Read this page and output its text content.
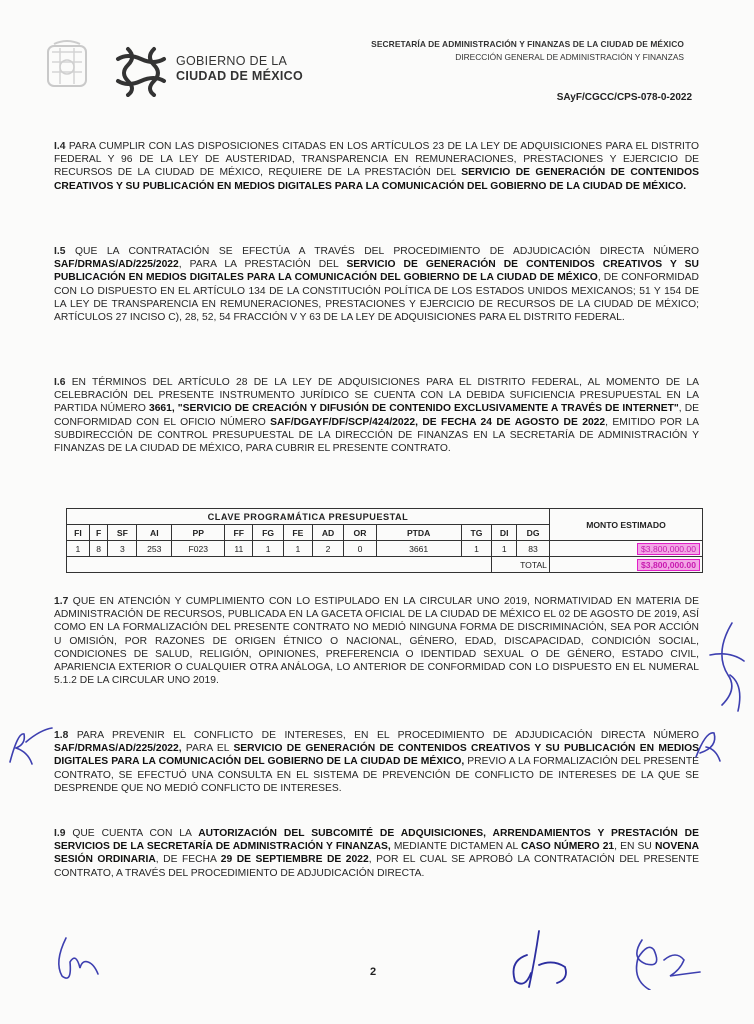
GOBIERNO DE LA
CIUDAD DE MÉXICO
SECRETARÍA DE ADMINISTRACIÓN Y FINANZAS DE LA CIUDAD DE MÉXICO
DIRECCIÓN GENERAL DE ADMINISTRACIÓN Y FINANZAS
SAyF/CGCC/CPS-078-0-2022
I.4 PARA CUMPLIR CON LAS DISPOSICIONES CITADAS EN LOS ARTÍCULOS 23 DE LA LEY DE ADQUISICIONES PARA EL DISTRITO FEDERAL Y 96 DE LA LEY DE AUSTERIDAD, TRANSPARENCIA EN REMUNERACIONES, PRESTACIONES Y EJERCICIO DE RECURSOS DE LA CIUDAD DE MÉXICO, REQUIERE DE LA PRESTACIÓN DEL SERVICIO DE GENERACIÓN DE CONTENIDOS CREATIVOS Y SU PUBLICACIÓN EN MEDIOS DIGITALES PARA LA COMUNICACIÓN DEL GOBIERNO DE LA CIUDAD DE MÉXICO.
I.5 QUE LA CONTRATACIÓN SE EFECTÚA A TRAVÉS DEL PROCEDIMIENTO DE ADJUDICACIÓN DIRECTA NÚMERO SAF/DRMAS/AD/225/2022, PARA LA PRESTACIÓN DEL SERVICIO DE GENERACIÓN DE CONTENIDOS CREATIVOS Y SU PUBLICACIÓN EN MEDIOS DIGITALES PARA LA COMUNICACIÓN DEL GOBIERNO DE LA CIUDAD DE MÉXICO, DE CONFORMIDAD CON LO DISPUESTO EN EL ARTÍCULO 134 DE LA CONSTITUCIÓN POLÍTICA DE LOS ESTADOS UNIDOS MEXICANOS; 51 Y 154 DE LA LEY DE TRANSPARENCIA EN REMUNERACIONES, PRESTACIONES Y EJERCICIO DE RECURSOS DE LA CIUDAD DE MÉXICO; ARTÍCULOS 27 INCISO C), 28, 52, 54 FRACCIÓN V Y 63 DE LA LEY DE ADQUISICIONES PARA EL DISTRITO FEDERAL.
I.6 EN TÉRMINOS DEL ARTÍCULO 28 DE LA LEY DE ADQUISICIONES PARA EL DISTRITO FEDERAL, AL MOMENTO DE LA CELEBRACIÓN DEL PRESENTE INSTRUMENTO JURÍDICO SE CUENTA CON LA DEBIDA SUFICIENCIA PRESUPUESTAL EN LA PARTIDA NÚMERO 3661, "SERVICIO DE CREACIÓN Y DIFUSIÓN DE CONTENIDO EXCLUSIVAMENTE A TRAVÉS DE INTERNET", DE CONFORMIDAD CON EL OFICIO NÚMERO SAF/DGAYF/DF/SCP/424/2022, DE FECHA 24 DE AGOSTO DE 2022, EMITIDO POR LA SUBDIRECCIÓN DE CONTROL PRESUPUESTAL DE LA DIRECCIÓN DE FINANZAS EN LA SECRETARÍA DE ADMINISTRACIÓN Y FINANZAS DE LA CIUDAD DE MÉXICO, PARA CUBRIR EL PRESENTE CONTRATO.
CLAVE PROGRAMÁTICA PRESUPUESTAL														MONTO ESTIMADO
FI	F	SF	AI	PP	FF	FG	FE	AD	OR	PTDA	TG	DI	DG	
1	8	3	253	F023	11	1	1	2	0	3661	1	1	83	$3,800,000.00
												TOTAL		$3,800,000.00
1.7 QUE EN ATENCIÓN Y CUMPLIMIENTO CON LO ESTIPULADO EN LA CIRCULAR UNO 2019, NORMATIVIDAD EN MATERIA DE ADMINISTRACIÓN DE RECURSOS, PUBLICADA EN LA GACETA OFICIAL DE LA CIUDAD DE MÉXICO EL 02 DE AGOSTO DE 2019, ASÍ COMO EN LA FORMALIZACIÓN DEL PRESENTE CONTRATO NO MEDIÓ NINGUNA FORMA DE DISCRIMINACIÓN, SEA POR ACCIÓN U OMISIÓN, POR RAZONES DE ORIGEN ÉTNICO O NACIONAL, GÉNERO, EDAD, DISCAPACIDAD, CONDICIÓN SOCIAL, CONDICIONES DE SALUD, RELIGIÓN, OPINIONES, PREFERENCIA O IDENTIDAD SEXUAL O DE GÉNERO, ESTADO CIVIL, APARIENCIA EXTERIOR O CUALQUIER OTRA ANÁLOGA, LO ANTERIOR DE CONFORMIDAD CON LO DISPUESTO EN EL NUMERAL 5.1.2 DE LA CIRCULAR UNO 2019.
1.8 PARA PREVENIR EL CONFLICTO DE INTERESES, EN EL PROCEDIMIENTO DE ADJUDICACIÓN DIRECTA NÚMERO SAF/DRMAS/AD/225/2022, PARA EL SERVICIO DE GENERACIÓN DE CONTENIDOS CREATIVOS Y SU PUBLICACIÓN EN MEDIOS DIGITALES PARA LA COMUNICACIÓN DEL GOBIERNO DE LA CIUDAD DE MÉXICO, PREVIO A LA FORMALIZACIÓN DEL PRESENTE CONTRATO, SE EFECTUÓ UNA CONSULTA EN EL SISTEMA DE PREVENCIÓN DE CONFLICTO DE INTERESES DE LA QUE SE DESPRENDE QUE NO MEDIÓ CONFLICTO DE INTERESES.
I.9 QUE CUENTA CON LA AUTORIZACIÓN DEL SUBCOMITÉ DE ADQUISICIONES, ARRENDAMIENTOS Y PRESTACIÓN DE SERVICIOS DE LA SECRETARÍA DE ADMINISTRACIÓN Y FINANZAS, MEDIANTE DICTAMEN AL CASO NÚMERO 21, EN SU NOVENA SESIÓN ORDINARIA, DE FECHA 29 DE SEPTIEMBRE DE 2022, POR EL CUAL SE APROBÓ LA CONTRATACIÓN DEL PRESENTE CONTRATO, A TRAVÉS DEL PROCEDIMIENTO DE ADJUDICACIÓN DIRECTA.
2
